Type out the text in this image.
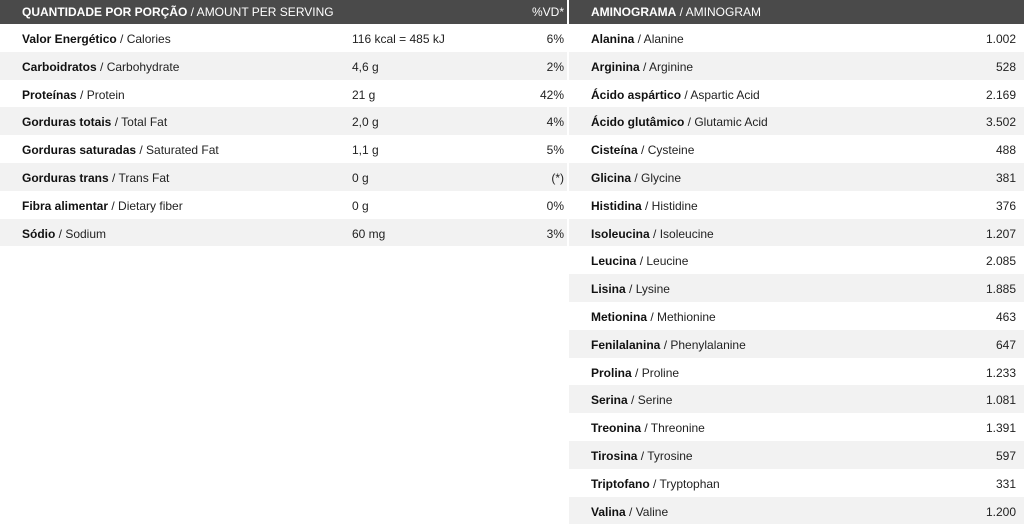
QUANTIDADE POR PORÇÃO / AMOUNT PER SERVING	%VD*
Valor Energético / Calories	116 kcal = 485 kJ	6%
Carboidratos / Carbohydrate	4,6 g	2%
Proteínas / Protein	21 g	42%
Gorduras totais / Total Fat	2,0 g	4%
Gorduras saturadas / Saturated Fat	1,1 g	5%
Gorduras trans / Trans Fat	0 g	(*)
Fibra alimentar / Dietary fiber	0 g	0%
Sódio / Sodium	60 mg	3%
AMINOGRAMA / AMINOGRAM
Alanina / Alanine	1.002
Arginina / Arginine	528
Ácido aspártico / Aspartic Acid	2.169
Ácido glutâmico / Glutamic Acid	3.502
Cisteína / Cysteine	488
Glicina / Glycine	381
Histidina / Histidine	376
Isoleucina / Isoleucine	1.207
Leucina / Leucine	2.085
Lisina / Lysine	1.885
Metionina / Methionine	463
Fenilalanina / Phenylalanine	647
Prolina / Proline	1.233
Serina / Serine	1.081
Treonina / Threonine	1.391
Tirosina / Tyrosine	597
Triptofano / Tryptophan	331
Valina / Valine	1.200
